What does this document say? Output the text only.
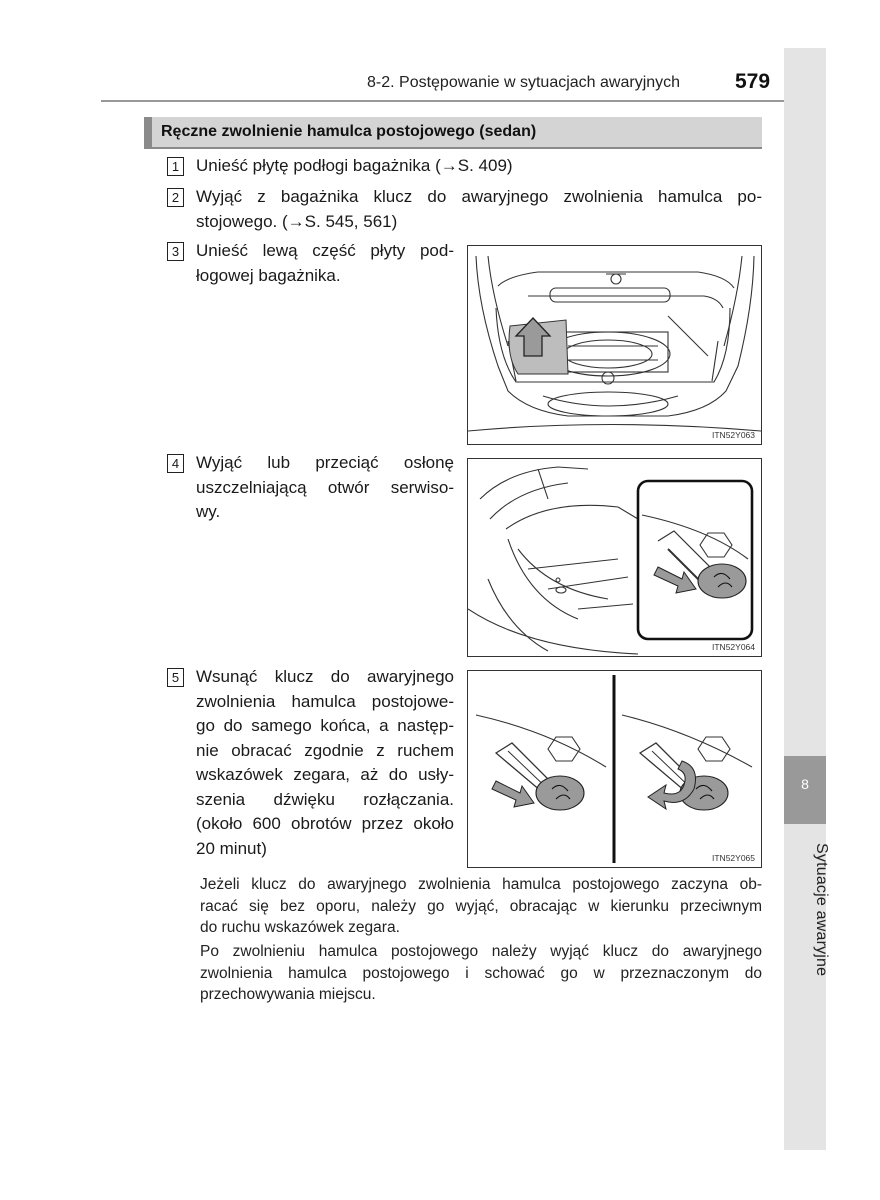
8-2. Postępowanie w sytuacjach awaryjnych	579
8
Sytuacje awaryjne
Ręczne zwolnienie hamulca postojowego (sedan)
1 Unieść płytę podłogi bagażnika (→S. 409)
2 Wyjąć z bagażnika klucz do awaryjnego zwolnienia hamulca po-
stojowego. (→S. 545, 561)
3 Unieść lewą część płyty pod-
łogowej bagażnika.
ITN52Y063
4 Wyjąć lub przeciąć osłonę
uszczelniającą otwór serwiso-
wy.
ITN52Y064
5 Wsunąć klucz do awaryjnego
zwolnienia hamulca postojowe-
go do samego końca, a następ-
nie obracać zgodnie z ruchem
wskazówek zegara, aż do usły-
szenia dźwięku rozłączania.
(około 600 obrotów przez około
20 minut)
ITN52Y065
Jeżeli klucz do awaryjnego zwolnienia hamulca postojowego zaczyna ob-
racać się bez oporu, należy go wyjąć, obracając w kierunku przeciwnym
do ruchu wskazówek zegara.
Po zwolnieniu hamulca postojowego należy wyjąć klucz do awaryjnego
zwolnienia hamulca postojowego i schować go w przeznaczonym do
przechowywania miejscu.
